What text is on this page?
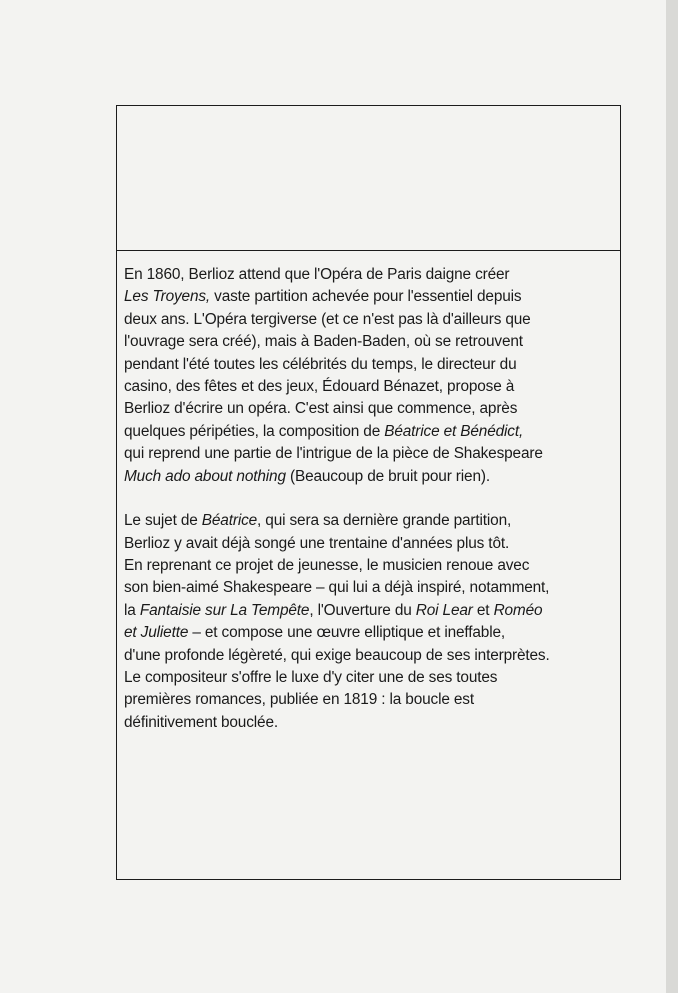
En 1860, Berlioz attend que l'Opéra de Paris daigne créer
Les Troyens, vaste partition achevée pour l'essentiel depuis
deux ans. L'Opéra tergiverse (et ce n'est pas là d'ailleurs que
l'ouvrage sera créé), mais à Baden-Baden, où se retrouvent
pendant l'été toutes les célébrités du temps, le directeur du
casino, des fêtes et des jeux, Édouard Bénazet, propose à
Berlioz d'écrire un opéra. C'est ainsi que commence, après
quelques péripéties, la composition de Béatrice et Bénédict,
qui reprend une partie de l'intrigue de la pièce de Shakespeare
Much ado about nothing (Beaucoup de bruit pour rien).
Le sujet de Béatrice, qui sera sa dernière grande partition,
Berlioz y avait déjà songé une trentaine d'années plus tôt.
En reprenant ce projet de jeunesse, le musicien renoue avec
son bien-aimé Shakespeare – qui lui a déjà inspiré, notamment,
la Fantaisie sur La Tempête, l'Ouverture du Roi Lear et Roméo
et Juliette – et compose une œuvre elliptique et ineffable,
d'une profonde légèreté, qui exige beaucoup de ses interprètes.
Le compositeur s'offre le luxe d'y citer une de ses toutes
premières romances, publiée en 1819 : la boucle est
définitivement bouclée.
